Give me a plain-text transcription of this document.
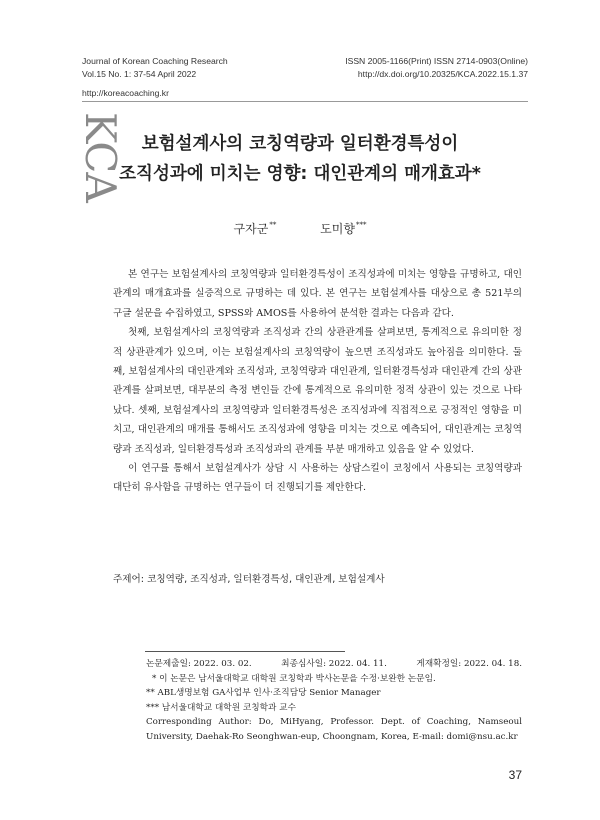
Journal of Korean Coaching Research
Vol.15 No. 1: 37-54 April 2022
ISSN 2005-1166(Print) ISSN 2714-0903(Online)
http://dx.doi.org/10.20325/KCA.2022.15.1.37
http://koreacoaching.kr
KCA 보험설계사의 코칭역량과 일터환경특성이
조직성과에 미치는 영향: 대인관계의 매개효과*
구자군**	도미향***

본 연구는 보험설계사의 코칭역량과 일터환경특성이 조직성과에 미치는 영향을 규명하고, 대인관계의 매개효과를 실증적으로 규명하는 데 있다. 본 연구는 보험설계사를 대상으로 총 521부의 구글 설문을 수집하였고, SPSS와 AMOS를 사용하여 분석한 결과는 다음과 같다.

첫째, 보험설계사의 코칭역량과 조직성과 간의 상관관계를 살펴보면, 통계적으로 유의미한 정적 상관관계가 있으며, 이는 보험설계사의 코칭역량이 높으면 조직성과도 높아짐을 의미한다. 둘째, 보험설계사의 대인관계와 조직성과, 코칭역량과 대인관계, 일터환경특성과 대인관계 간의 상관관계를 살펴보면, 대부분의 측정 변인들 간에 통계적으로 유의미한 정적 상관이 있는 것으로 나타났다. 셋째, 보험설계사의 코칭역량과 일터환경특성은 조직성과에 직접적으로 긍정적인 영향을 미치고, 대인관계의 매개를 통해서도 조직성과에 영향을 미치는 것으로 예측되어, 대인관계는 코칭역량과 조직성과, 일터환경특성과 조직성과의 관계를 부분 매개하고 있음을 알 수 있었다.

이 연구를 통해서 보험설계사가 상담 시 사용하는 상담스킬이 코칭에서 사용되는 코칭역량과 대단히 유사함을 규명하는 연구들이 더 진행되기를 제안한다.

주제어: 코칭역량, 조직성과, 일터환경특성, 대인관계, 보험설계사
논문제출일: 2022. 03. 02.	최종심사일: 2022. 04. 11.	게재확정일: 2022. 04. 18.
* 이 논문은 남서울대학교 대학원 코칭학과 박사논문을 수정·보완한 논문임.
** ABL생명보험 GA사업부 인사·조직담당 Senior Manager
*** 남서울대학교 대학원 코칭학과 교수
Corresponding Author: Do, MiHyang, Professor. Dept. of Coaching, Namseoul University, Daehak-Ro Seonghwan-eup, Choongnam, Korea, E-mail: domi@nsu.ac.kr
37
